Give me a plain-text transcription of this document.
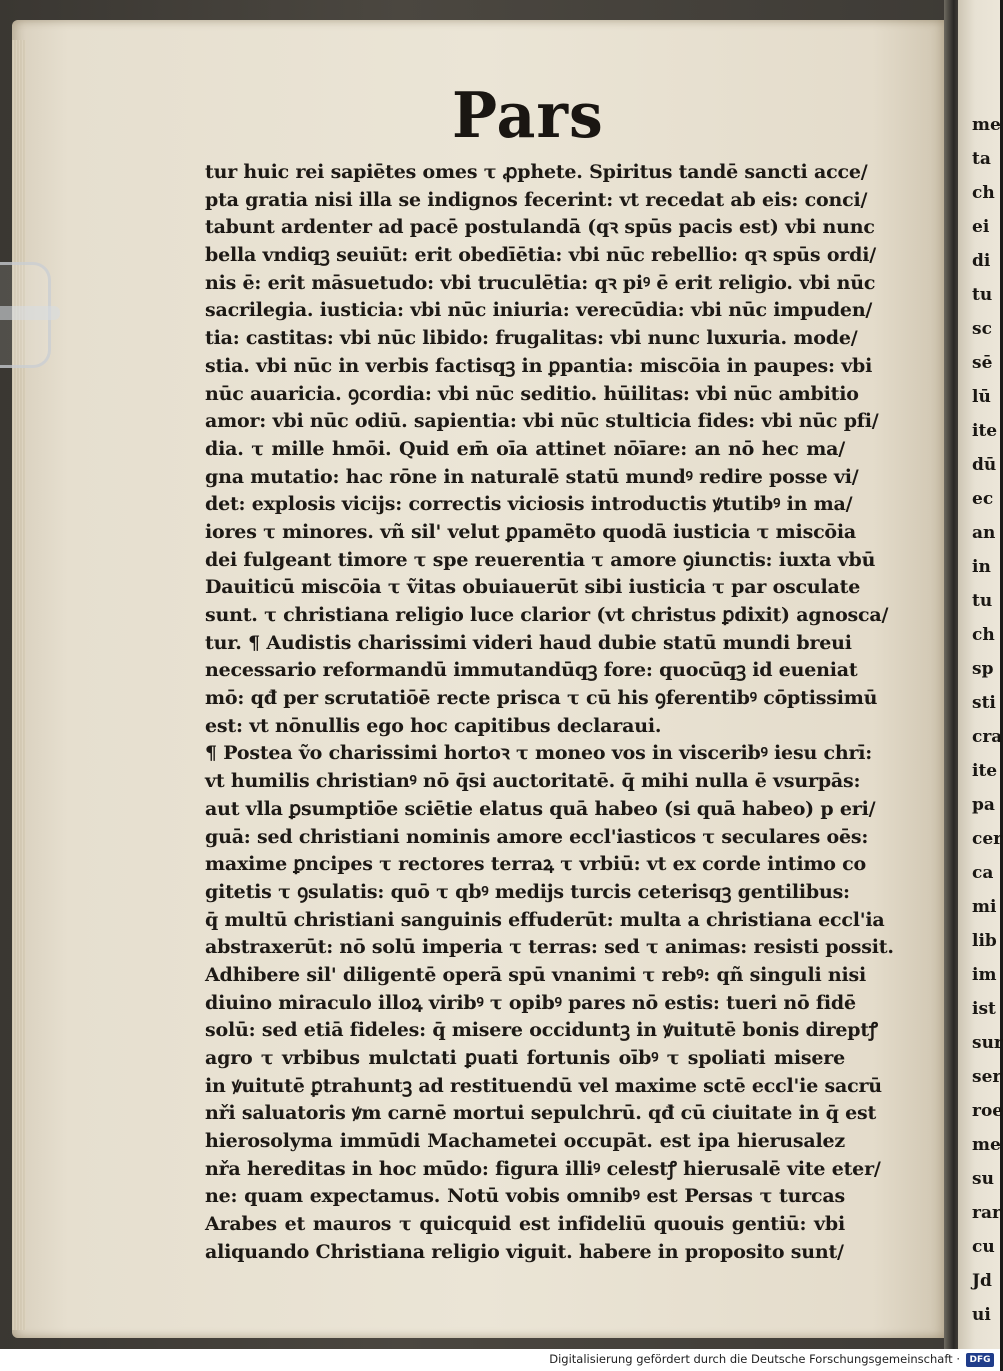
me
ta
ch
ei
di
tu
sc
sē
lū
ite
dū
ec
an
in
tu
ch
sp
sti
cra
ite
pa
cer
ca
mi
lib
im
ist
sur
ser
roe
me
su
rar
cu
Jd
ui
Pars
tur huic rei sapiētes omes τ ꝓphete. Spiritus tandē sancti acce/
pta gratia nisi illa se indignos fecerint: vt recedat ab eis: conci/
tabunt ardenter ad pacē postulandā (qꝛ spūs pacis est) vbi nunc
bella vndiqꝫ seuiūt: erit obedīētia: vbi nūc rebellio: qꝛ spūs ordi/
nis ē: erit māsuetudo: vbi truculētia: qꝛ piꝰ ē erit religio. vbi nūc
sacrilegia. iusticia: vbi nūc iniuria: verecūdia: vbi nūc impuden/
tia: castitas: vbi nūc libido: frugalitas: vbi nunc luxuria. mode/
stia. vbi nūc in verbis factisqꝫ in ꝑpantia: miscōia in paupes: vbi
nūc auaricia. ꝯcordia: vbi nūc seditio. hūilitas: vbi nūc ambitio
amor: vbi nūc odiū. sapientia: vbi nūc stulticia fides: vbi nūc pfi/
dia. τ mille hmōi. Quid em̄ oīa attinet nōīare: an nō hec ma/
gna mutatio: hac rōne in naturalē statū mundꝰ redire posse vi/
det: explosis vicijs: correctis viciosis introductis ꝟtutibꝰ in ma/
iores τ minores. vñ sil' velut ꝑpamēto quodā iusticia τ miscōia
dei fulgeant timore τ spe reuerentia τ amore ꝯiunctis: iuxta vbū
Dauiticū miscōia τ ṽitas obuiauerūt sibi iusticia τ par osculate
sunt. τ christiana religio luce clarior (vt christus ꝑdixit) agnosca/
tur. ¶ Audistis charissimi videri haud dubie statū mundi breui
necessario reformandū immutandūqꝫ fore: quocūqꝫ id eueniat
mō: qđ per scrutatiōē recte prisca τ cū his ꝯferentibꝰ cōptissimū
est: vt nōnullis ego hoc capitibus declaraui.
¶ Postea ṽo charissimi hortoꝛ τ moneo vos in visceribꝰ iesu chrī:
vt humilis christianꝰ nō q̄si auctoritatē. q̄ mihi nulla ē vsurpās:
aut vlla ꝑsumptiōe sciētie elatus quā habeo (si quā habeo) p eri/
guā: sed christiani nominis amore eccl'iasticos τ seculares oēs:
maxime ꝑncipes τ rectores terraꝝ τ vrbiū: vt ex corde intimo co
gitetis τ ꝯsulatis: quō τ qbꝰ medijs turcis ceterisqꝫ gentilibus:
q̄ multū christiani sanguinis effuderūt: multa a christiana eccl'ia
abstraxerūt: nō solū imperia τ terras: sed τ animas: resisti possit.
Adhibere sil' diligentē operā spū vnanimi τ rebꝰ: qñ singuli nisi
diuino miraculo illoꝝ viribꝰ τ opibꝰ pares nō estis: tueri nō fidē
solū: sed etiā fideles: q̄ misere occiduntꝫ in ꝟuitutē bonis direptꝭ
agro τ vrbibus mulctati ꝑuati fortunis oībꝰ τ spoliati misere
in ꝟuitutē ꝑtrahuntꝫ ad restituendū vel maxime sctē eccl'ie sacrū
nři saluatoris ꝟm carnē mortui sepulchrū. qđ cū ciuitate in q̄ est
hierosolyma immūdi Machametei occupāt. est ipa hierusalez
nřa hereditas in hoc mūdo: figura illiꝰ celestꝭ hierusalē vite eter/
ne: quam expectamus. Notū vobis omnibꝰ est Persas τ turcas
Arabes et mauros τ quicquid est infideliū quouis gentiū: vbi
aliquando Christiana religio viguit. habere in proposito sunt/
Digitalisierung gefördert durch die Deutsche Forschungsgemeinschaft ·	DFG
